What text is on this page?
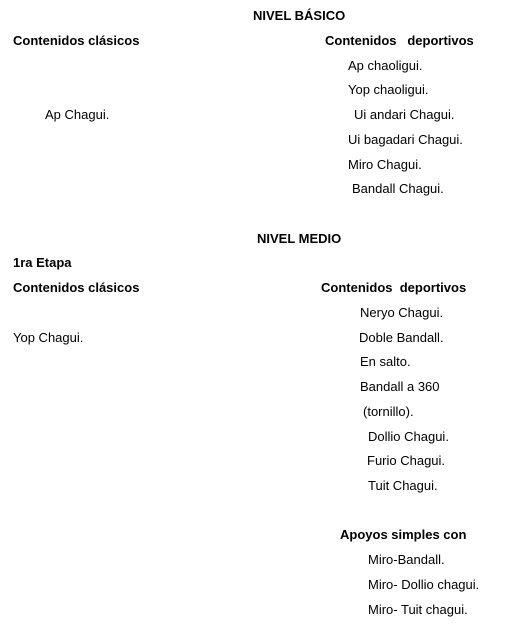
NIVEL BÁSICO
Contenidos clásicos	Contenidos   deportivos
Ap chaoligui.
Yop chaoligui.
Ap Chagui.	Ui andari Chagui.
Ui bagadari Chagui.
Miro Chagui.
Bandall Chagui.
NIVEL MEDIO
1ra Etapa
Contenidos clásicos	Contenidos  deportivos
Neryo Chagui.
Yop Chagui.	Doble Bandall.
En salto.
Bandall a 360
(tornillo).
Dollio Chagui.
Furio Chagui.
Tuit Chagui.
Apoyos simples con
Miro-Bandall.
Miro- Dollio chagui.
Miro- Tuit chagui.
